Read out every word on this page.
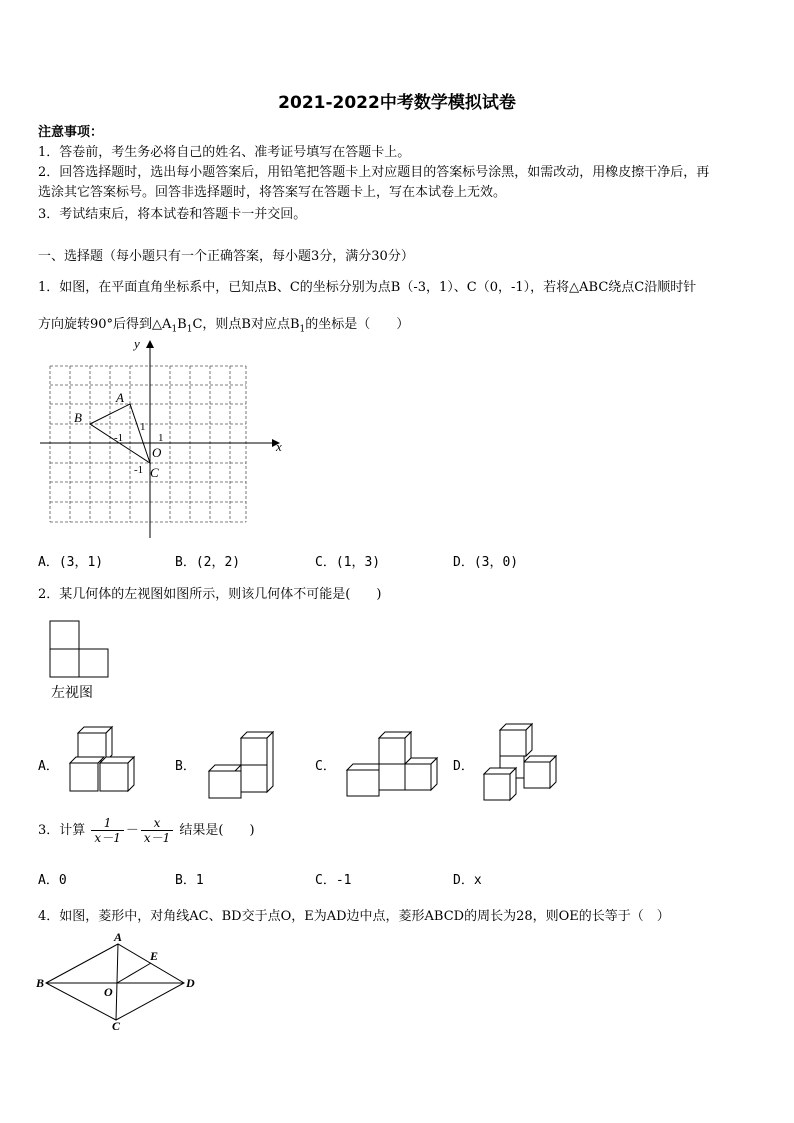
2021-2022中考数学模拟试卷
注意事项：
1．答卷前，考生务必将自己的姓名、准考证号填写在答题卡上。
2．回答选择题时，选出每小题答案后，用铅笔把答题卡上对应题目的答案标号涂黑，如需改动，用橡皮擦干净后，再
选涂其它答案标号。回答非选择题时，将答案写在答题卡上，写在本试卷上无效。
3．考试结束后，将本试卷和答题卡一并交回。
一、选择题（每小题只有一个正确答案，每小题3分，满分30分）
1．如图，在平面直角坐标系中，已知点B、C的坐标分别为点B（-3，1）、C（0，-1），若将△ABC绕点C沿顺时针
方向旋转90°后得到$\triangle A_1B_1C$，则点B对应点$B_1$的坐标是（　　）
x
y
A
B
C
O
-1	1
1
-1
A．(3，1)	B．(2，2)	C．(1，3)	D．(3，0)
2．某几何体的左视图如图所示，则该几何体不可能是(　　)
左视图
A．	B．	C．	D．
3．计算 $\frac{1}{x-1} - \frac{x}{x-1}$ 结果是(　　)
A．0	B．1	C．-1	D．x
4．如图，菱形中，对角线AC、BD交于点O，E为AD边中点，菱形ABCD的周长为28，则OE的长等于（　）
A
B
C
D
E
O
